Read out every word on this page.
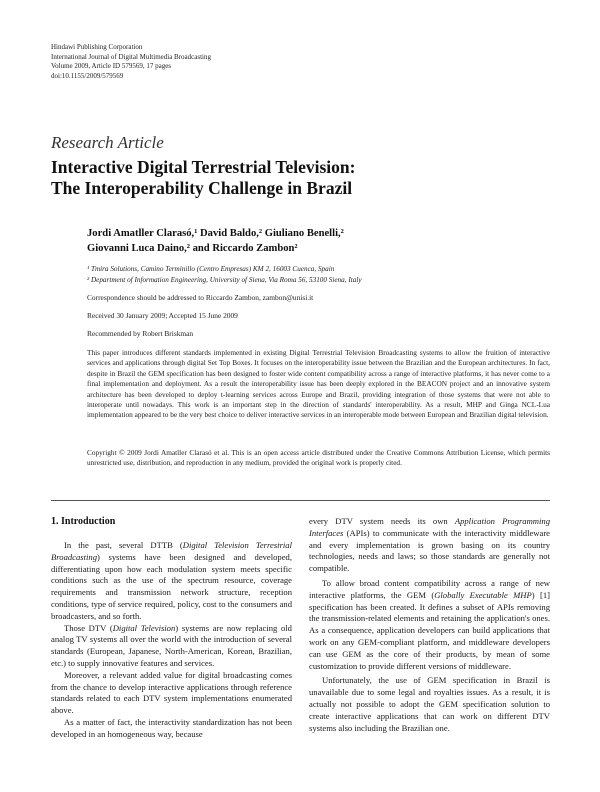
Hindawi Publishing Corporation
International Journal of Digital Multimedia Broadcasting
Volume 2009, Article ID 579569, 17 pages
doi:10.1155/2009/579569
Research Article
Interactive Digital Terrestrial Television:
The Interoperability Challenge in Brazil
Jordi Amatller Clarasó,¹ David Baldo,² Giuliano Benelli,²
Giovanni Luca Daino,² and Riccardo Zambon²
¹ Tmira Solutions, Camino Terminillo (Centro Empresas) KM 2, 16003 Cuenca, Spain
² Department of Information Engineering, University of Siena, Via Roma 56, 53100 Siena, Italy
Correspondence should be addressed to Riccardo Zambon, zambon@unisi.it
Received 30 January 2009; Accepted 15 June 2009
Recommended by Robert Briskman
This paper introduces different standards implemented in existing Digital Terrestrial Television Broadcasting systems to allow the fruition of interactive services and applications through digital Set Top Boxes. It focuses on the interoperability issue between the Brazilian and the European architectures. In fact, despite in Brazil the GEM specification has been designed to foster wide content compatibility across a range of interactive platforms, it has never come to a final implementation and deployment. As a result the interoperability issue has been deeply explored in the BEACON project and an innovative system architecture has been developed to deploy t-learning services across Europe and Brazil, providing integration of those systems that were not able to interoperate until nowadays. This work is an important step in the direction of standards' interoperability. As a result, MHP and Ginga NCL-Lua implementation appeared to be the very best choice to deliver interactive services in an interoperable mode between European and Brazilian digital television.
Copyright © 2009 Jordi Amatller Clarasó et al. This is an open access article distributed under the Creative Commons Attribution License, which permits unrestricted use, distribution, and reproduction in any medium, provided the original work is properly cited.
1. Introduction

In the past, several DTTB (Digital Television Terrestrial Broadcasting) systems have been designed and developed, differentiating upon how each modulation system meets specific conditions such as the use of the spectrum resource, coverage requirements and transmission network structure, reception conditions, type of service required, policy, cost to the consumers and broadcasters, and so forth.

Those DTV (Digital Television) systems are now replacing old analog TV systems all over the world with the introduction of several standards (European, Japanese, North-American, Korean, Brazilian, etc.) to supply innovative features and services.

Moreover, a relevant added value for digital broadcasting comes from the chance to develop interactive applications through reference standards related to each DTV system implementations enumerated above.

As a matter of fact, the interactivity standardization has not been developed in an homogeneous way, because

every DTV system needs its own Application Programming Interfaces (APIs) to communicate with the interactivity middleware and every implementation is grown basing on its country technologies, needs and laws; so those standards are generally not compatible.

To allow broad content compatibility across a range of new interactive platforms, the GEM (Globally Executable MHP) [1] specification has been created. It defines a subset of APIs removing the transmission-related elements and retaining the application's ones. As a consequence, application developers can build applications that work on any GEM-compliant platform, and middleware developers can use GEM as the core of their products, by mean of some customization to provide different versions of middleware.

Unfortunately, the use of GEM specification in Brazil is unavailable due to some legal and royalties issues. As a result, it is actually not possible to adopt the GEM specification solution to create interactive applications that can work on different DTV systems also including the Brazilian one.
